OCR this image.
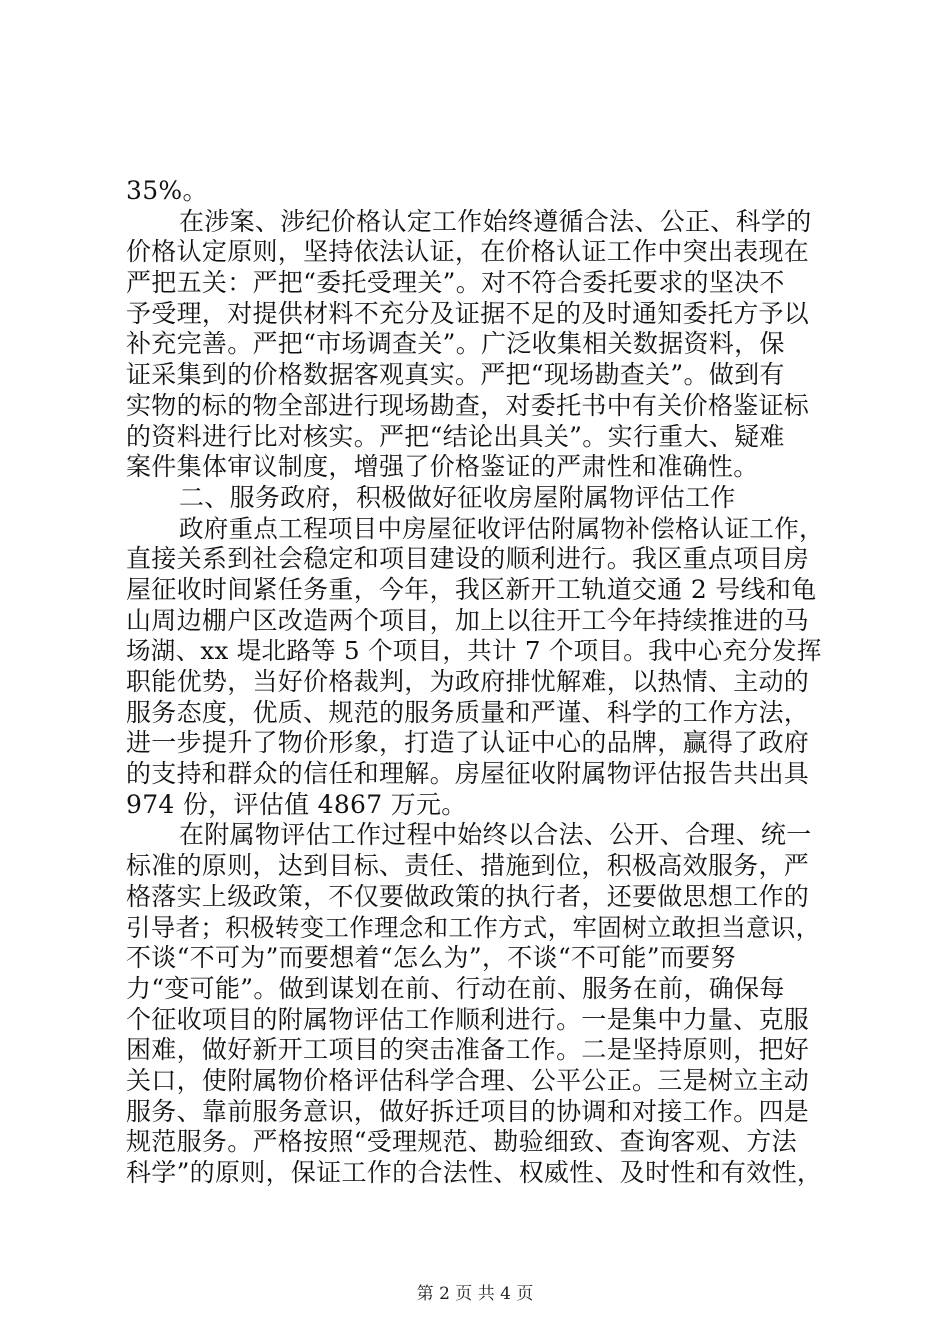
35%。
在涉案、涉纪价格认定工作始终遵循合法、公正、科学的
价格认定原则，坚持依法认证，在价格认证工作中突出表现在
严把五关：严把“委托受理关”。对不符合委托要求的坚决不
予受理，对提供材料不充分及证据不足的及时通知委托方予以
补充完善。严把“市场调查关”。广泛收集相关数据资料，保
证采集到的价格数据客观真实。严把“现场勘查关”。做到有
实物的标的物全部进行现场勘查，对委托书中有关价格鉴证标
的资料进行比对核实。严把“结论出具关”。实行重大、疑难
案件集体审议制度，增强了价格鉴证的严肃性和准确性。
二、服务政府，积极做好征收房屋附属物评估工作
政府重点工程项目中房屋征收评估附属物补偿格认证工作，
直接关系到社会稳定和项目建设的顺利进行。我区重点项目房
屋征收时间紧任务重，今年，我区新开工轨道交通 2 号线和龟
山周边棚户区改造两个项目，加上以往开工今年持续推进的马
场湖、xx 堤北路等 5 个项目，共计 7 个项目。我中心充分发挥
职能优势，当好价格裁判，为政府排忧解难，以热情、主动的
服务态度，优质、规范的服务质量和严谨、科学的工作方法，
进一步提升了物价形象，打造了认证中心的品牌，赢得了政府
的支持和群众的信任和理解。房屋征收附属物评估报告共出具
974 份，评估值 4867 万元。
在附属物评估工作过程中始终以合法、公开、合理、统一
标准的原则，达到目标、责任、措施到位，积极高效服务，严
格落实上级政策，不仅要做政策的执行者，还要做思想工作的
引导者；积极转变工作理念和工作方式，牢固树立敢担当意识，
不谈“不可为”而要想着“怎么为”，不谈“不可能”而要努
力“变可能”。做到谋划在前、行动在前、服务在前，确保每
个征收项目的附属物评估工作顺利进行。一是集中力量、克服
困难，做好新开工项目的突击准备工作。二是坚持原则，把好
关口，使附属物价格评估科学合理、公平公正。三是树立主动
服务、靠前服务意识，做好拆迁项目的协调和对接工作。四是
规范服务。严格按照“受理规范、勘验细致、查询客观、方法
科学”的原则，保证工作的合法性、权威性、及时性和有效性，
第 2 页 共 4 页
